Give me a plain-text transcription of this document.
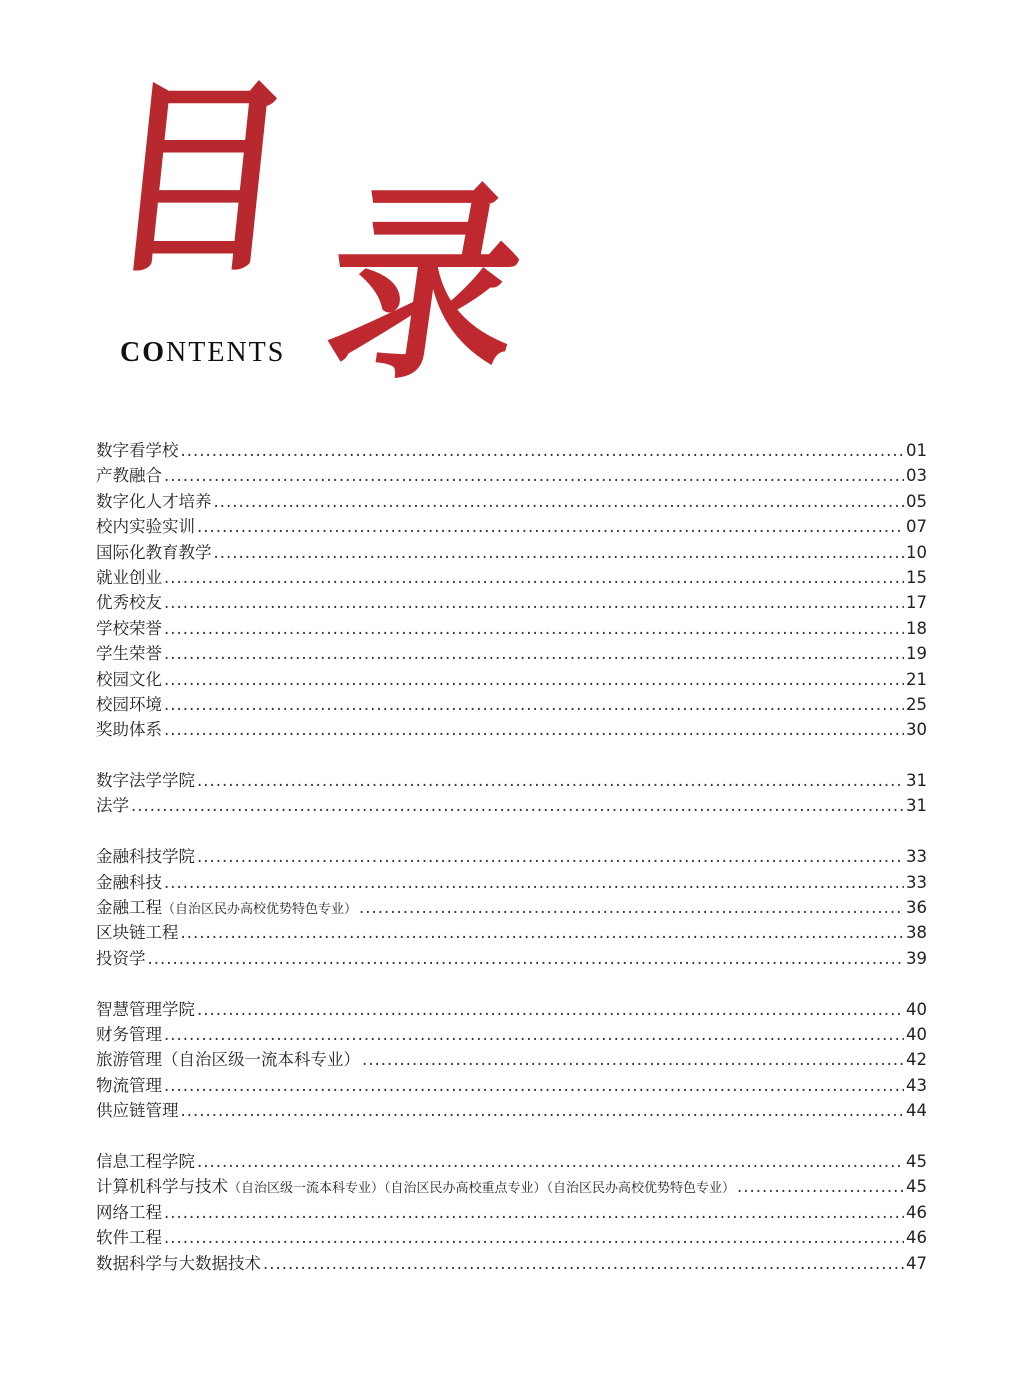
目 录
CONTENTS
数字看学校 .....	01
产教融合 .....	03
数字化人才培养 .....	05
校内实验实训 .....	07
国际化教育教学 .....	10
就业创业 .....	15
优秀校友 .....	17
学校荣誉 .....	18
学生荣誉 .....	19
校园文化 .....	21
校园环境 .....	25
奖助体系 .....	30
数字法学学院 .....	31
法学 .....	31
金融科技学院 .....	33
金融科技 .....	33
金融工程 （自治区民办高校优势特色专业） .....	36
区块链工程 .....	38
投资学 .....	39
智慧管理学院 .....	40
财务管理 .....	40
旅游管理（自治区级一流本科专业） .....	42
物流管理 .....	43
供应链管理 .....	44
信息工程学院 .....	45
计算机科学与技术 （自治区级一流本科专业）（自治区民办高校重点专业）（自治区民办高校优势特色专业） .....	45
网络工程 .....	46
软件工程 .....	46
数据科学与大数据技术 .....	47
